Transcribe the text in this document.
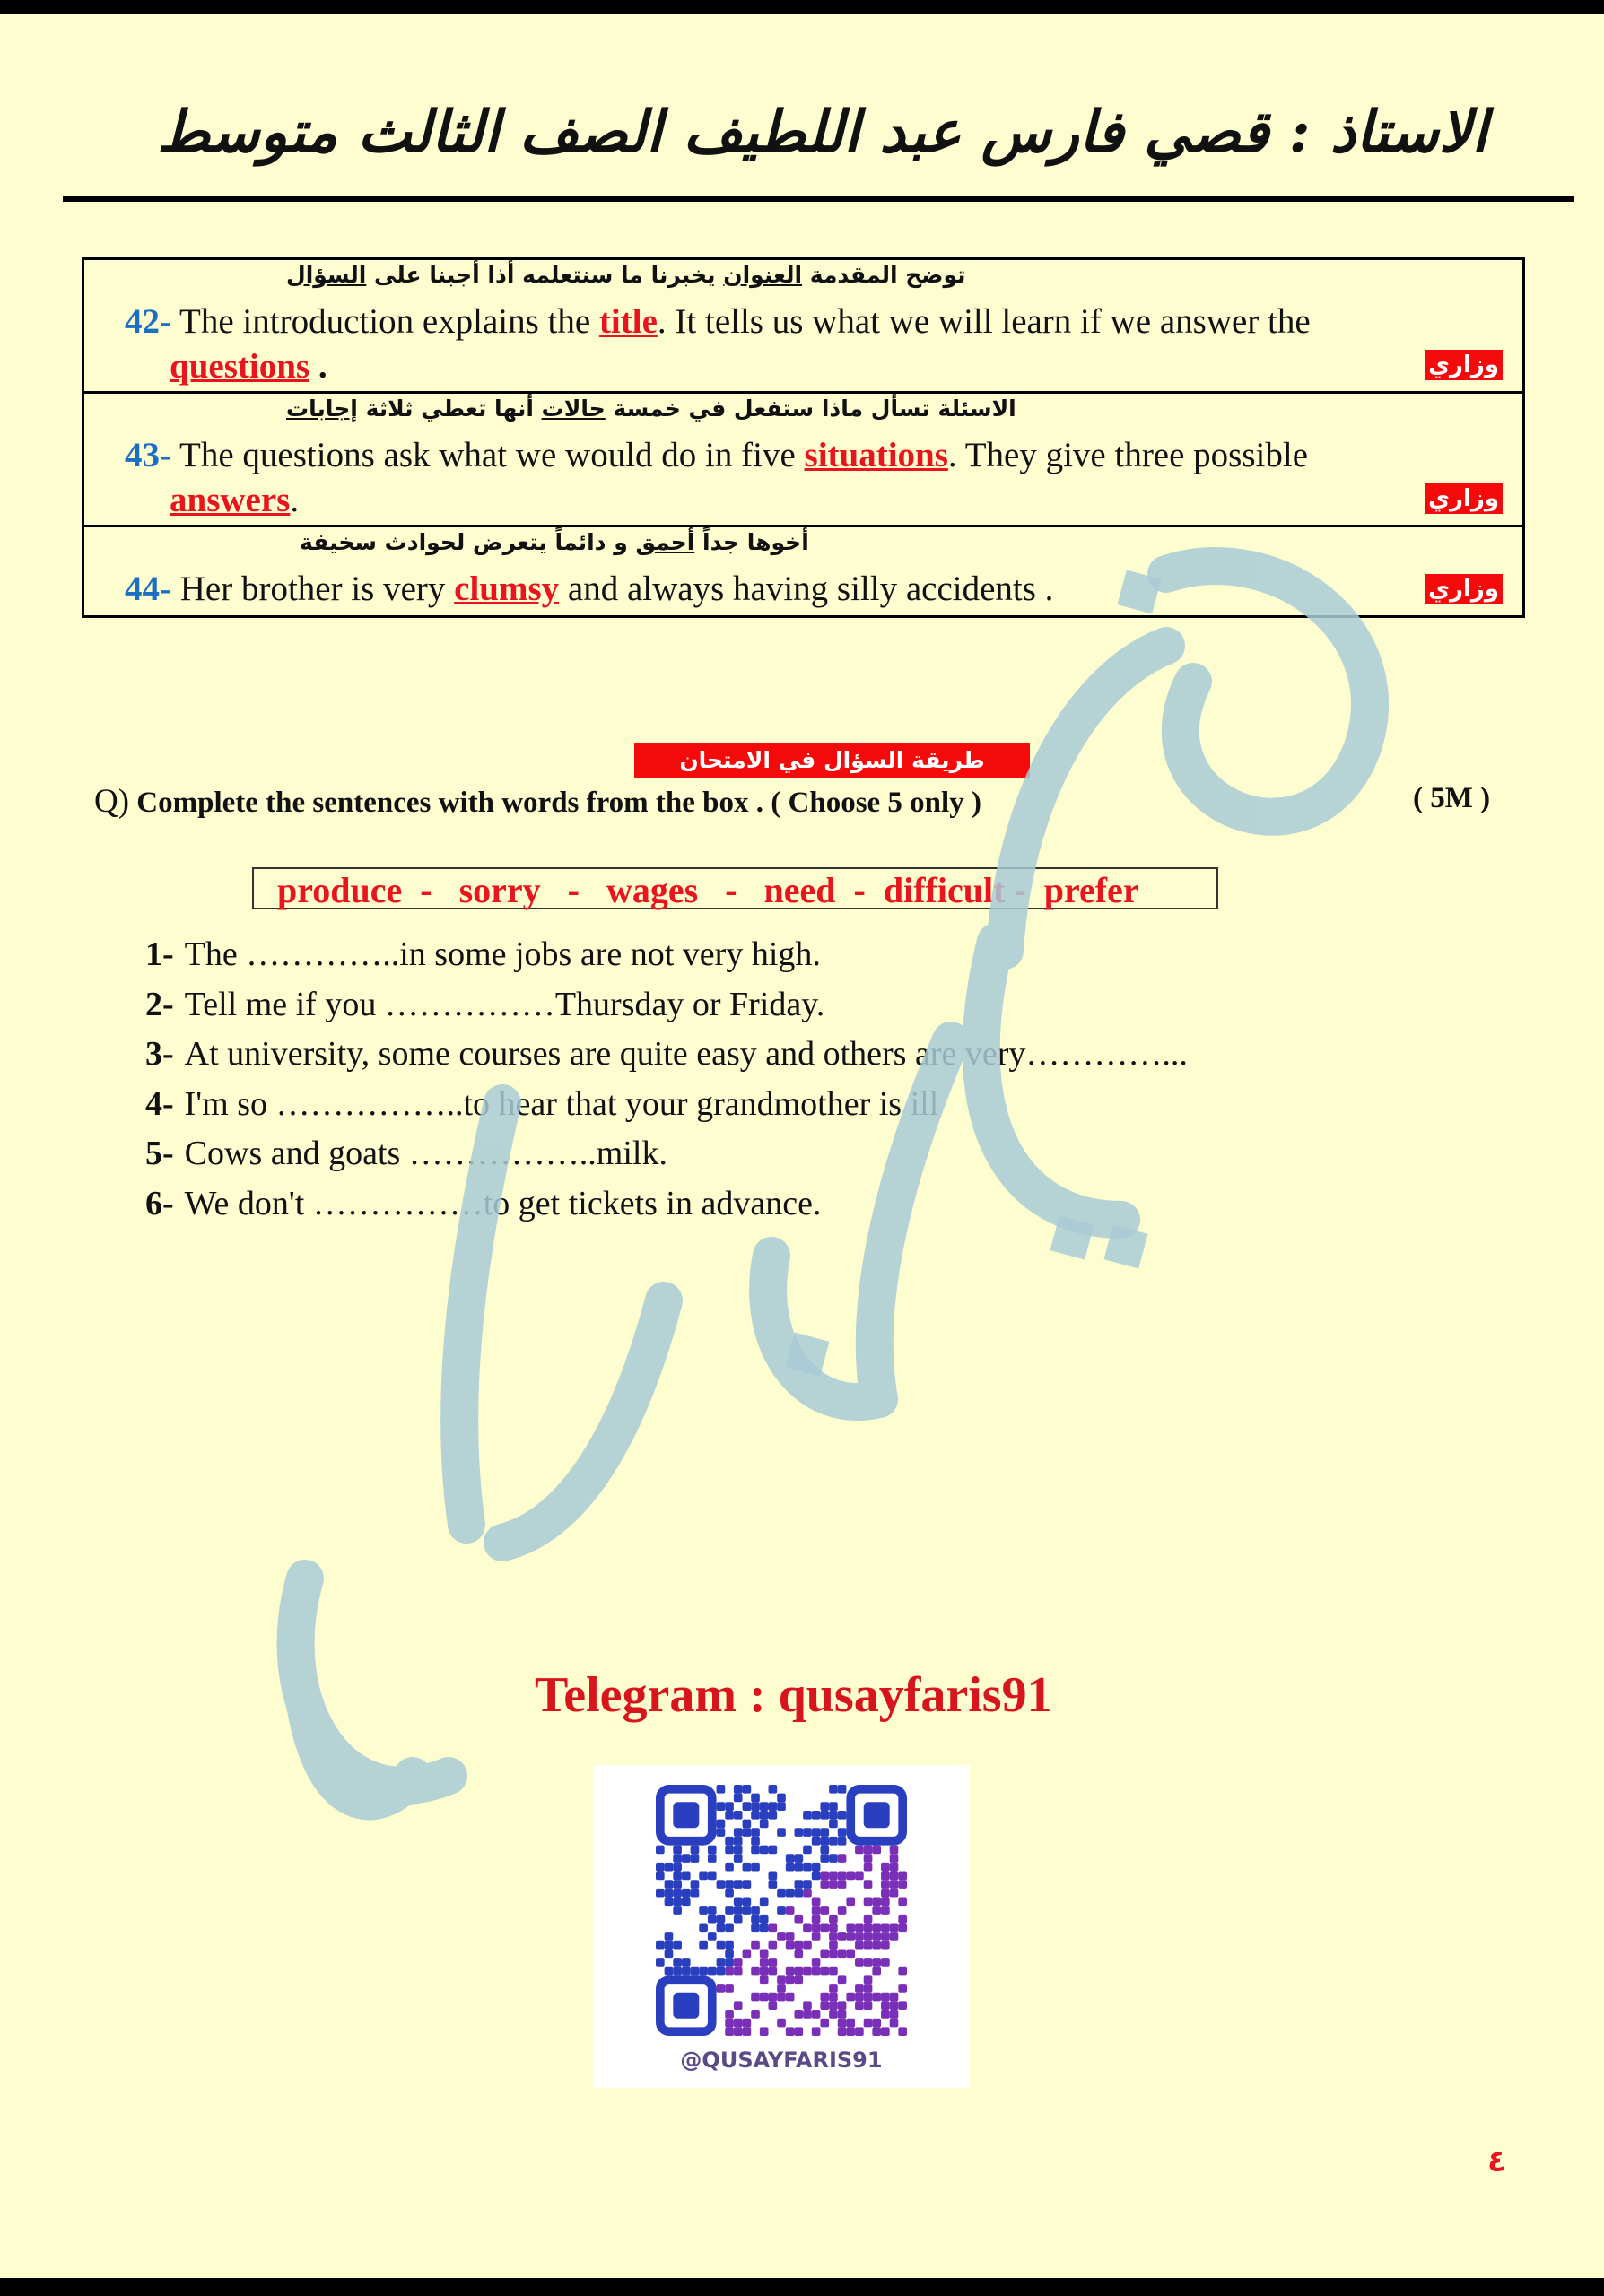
الاستاذ : قصي فارس عبد اللطيف
الصف الثالث متوسط
توضح المقدمة العنوان يخبرنا ما سنتعلمه أذا أجبنا على السؤال
42- The introduction explains the title. It tells us what we will learn if we answer the
questions .	وزاري
الاسئلة تسأل ماذا ستفعل في خمسة حالات أنها تعطي ثلاثة إجابات
43- The questions ask what we would do in five situations. They give three possible
answers.	وزاري
أخوها جداً أحمق و دائماً يتعرض لحوادث سخيفة
44- Her brother is very clumsy and always having silly accidents .	وزاري
طريقة السؤال في الامتحان
Q) Complete the sentences with words from the box . ( Choose 5 only )	( 5M )
produce  -   sorry   -   wages   -   need  -  difficult -  prefer
1- The …………..in some jobs are not very high.
2- Tell me if you ……………Thursday or Friday.
3- At university, some courses are quite easy and others are very…………...
4- I'm so ……………..to hear that your grandmother is ill
5- Cows and goats ……………..milk.
6- We don't ……………to get tickets in advance.
Telegram : qusayfaris91
@QUSAYFARIS91
٤
